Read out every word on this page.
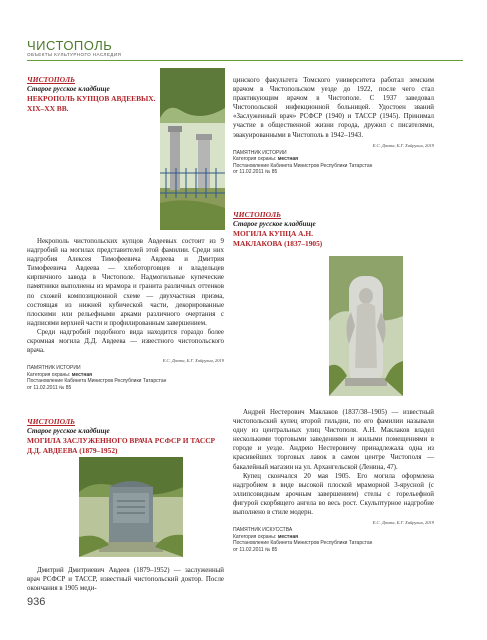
ЧИСТОПОЛЬ
ОБЪЕКТЫ КУЛЬТУРНОГО НАСЛЕДИЯ
ЧИСТОПОЛЬ
Старое русское кладбище
НЕКРОПОЛЬ КУПЦОВ АВДЕЕВЫХ. XIX–XX ВВ.

Некрополь чистопольских купцов Авдеевых состоит из 9 надгробий на могилах представителей этой фамилии. Среди них надгробия Алексея Тимофеевича Авдеева и Дмитрия Тимофеевича Авдеева — хлеботорговцев и владельцев кирпичного завода в Чистополе. Надмогильные купеческие памятники выполнены из мрамора и гранита различных оттенков по схожей композиционной схеме — двухчастная призма, состоящая из нижней кубической части, декорированные плоскими или рельефными арками различного очертания с надписями верхней части и профилированным завершением.

Среди надгробий подобного вида находится гораздо более скромная могила Д.Д. Авдеева — известного чистопольского врача.

Е.С. Дахта, Б.Г. Хайрулин, 2019
ПАМЯТНИК ИСТОРИИ
Категория охраны: местная
Постановление Кабинета Министров Республики Татарстан
от 11.02.2011 № 85
ЧИСТОПОЛЬ
Старое русское кладбище
МОГИЛА ЗАСЛУЖЕННОГО ВРАЧА РСФСР И ТАССР Д.Д. АВДЕЕВА (1879–1952)

Дмитрий Дмитриевич Авдеев (1879–1952) — заслуженный врач РСФСР и ТАССР, известный чистопольский доктор. После окончания в 1905 меди-

цинского факультета Томского университета работал земским врачом в Чистопольском уезде до 1922, после чего стал практикующим врачом в Чистополе. С 1937 заведовал Чистопольской инфекционной больницей. Удостоен званий «Заслуженный врач» РСФСР (1940) и ТАССР (1945). Принимал участие в общественной жизни города, дружил с писателями, эвакуированными в Чистополь в 1942–1943.

Е.С. Дахта, Б.Г. Хайрулин, 2019
ПАМЯТНИК ИСТОРИИ
Категория охраны: местная
Постановление Кабинета Министров Республики Татарстан
от 11.02.2011 № 85
ЧИСТОПОЛЬ
Старое русское кладбище
МОГИЛА КУПЦА А.Н. МАКЛАКОВА (1837–1905)

Андрей Нестерович Маклаков (1837/38–1905) — известный чистопольский купец второй гильдии, по его фамилии называли одну из центральных улиц Чистополя. А.Н. Маклаков владел несколькими торговыми заведениями и жилыми помещениями в городе и уезде. Андрею Нестеровичу принадлежала одна из красивейших торговых лавок в самом центре Чистополя — бакалейный магазин на ул. Архангельской (Ленина, 47).

Купец скончался 20 мая 1905. Его могила оформлена надгробием в виде высокой плоской мраморной 3-ярусной (с эллипсовидным арочным завершением) стелы с горельефной фигурой скорбящего ангела во весь рост. Скульптурное надгробие выполнено в стиле модерн.

Е.С. Дахта, Б.Г. Хайрулин, 2019
ПАМЯТНИК ИСКУССТВА
Категория охраны: местная
Постановление Кабинета Министров Республики Татарстан
от 11.02.2011 № 85
936
